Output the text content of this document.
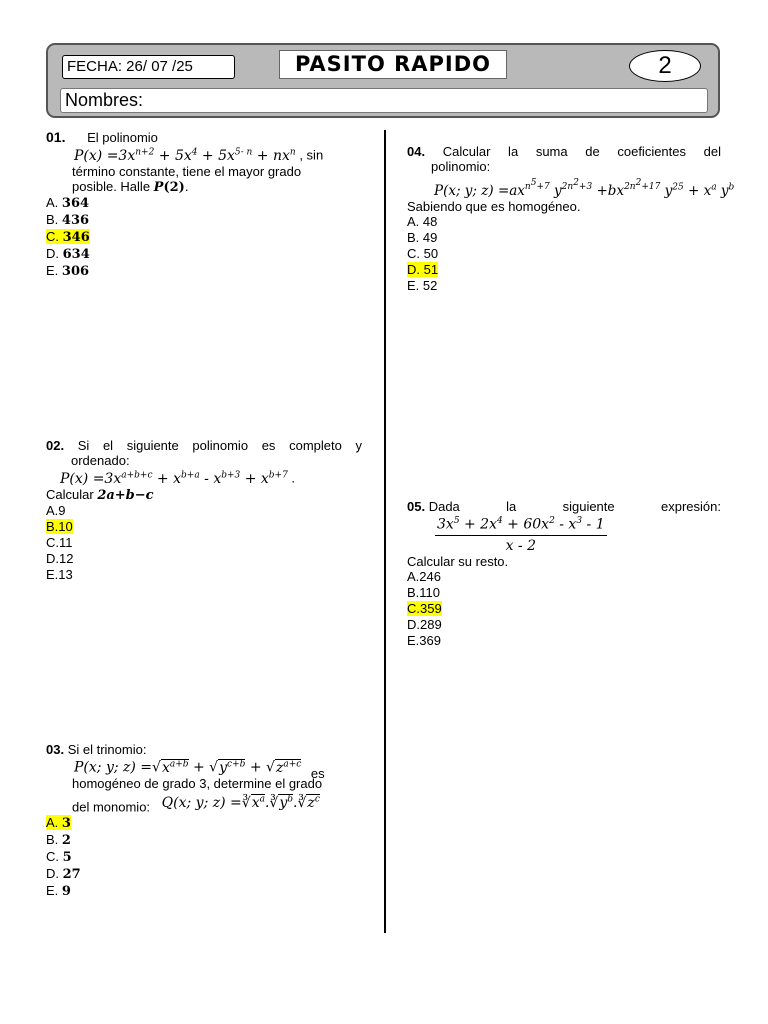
FECHA: 26/ 07 /25	PASITO RAPIDO	2
Nombres:
01. El polinomio
$P(x) =3x^{n+2} + 5x^4 + 5x^{5- n} + nx^n$ , sin
término constante, tiene el mayor grado
posible. Halle P(2).
A. 364
B. 436
C. 346
D. 634
E. 306
02. Si el siguiente polinomio es completo y
ordenado:
$P(x) =3x^{a+b+c} + x^{b+a} - x^{b+3} + x^{b+7}$ .
Calcular 2a+b−c
A.9
B.10
C.11
D.12
E.13
03. Si el trinomio:
P(x; y; $z) =√x^{a+b} + √y^{c+b} + √z^{a+c}$ es
homogéneo de grado 3, determine el grado
del monomio: Q(x; y; $z) =∛x^a.∛y^b.∛z^c$
A. 3
B. 2
C. 5
D. 27
E. 9
04. Calcular la suma de coeficientes del
polinomio:
P(x; y; $z) =ax^{n^5+7}$ $y^{2n^2+3} +bx^{2n^2+17}$ $y^{25} + x^a$ $y^b$
Sabiendo que es homogéneo.
A. 48
B. 49
C. 50
D. 51
E. 52
05. Dada	la	siguiente	expresión:
$\frac{3x^5 + 2x^4 + 60x^2 - x^3 - 1}{x - 2}$
Calcular su resto.
A.246
B.110
C.359
D.289
E.369
